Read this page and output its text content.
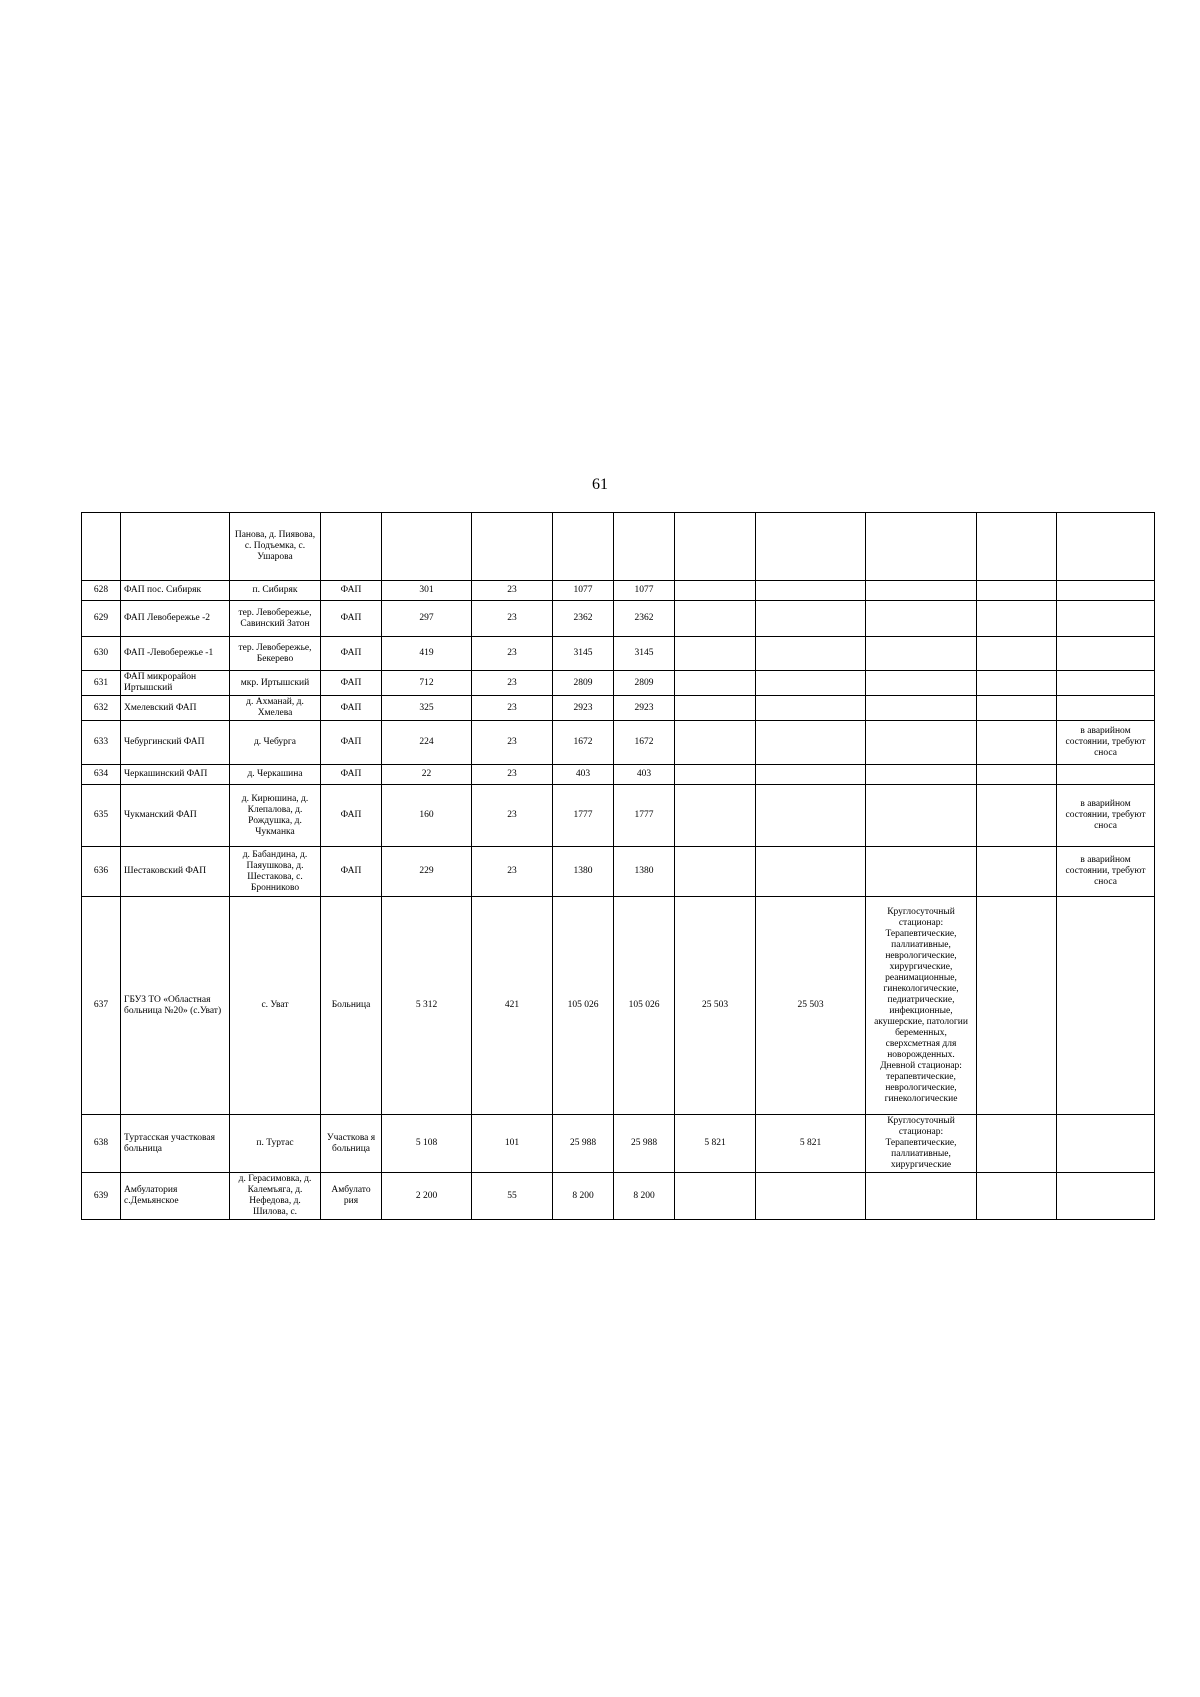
61
		Панова, д. Пиявова, с. Подъемка, с. Ушарова										
628	ФАП пос. Сибиряк	п. Сибиряк	ФАП	301	23	1077	1077					
629	ФАП Левобережье -2	тер. Левобережье, Савинский Затон	ФАП	297	23	2362	2362					
630	ФАП -Левобережье -1	тер. Левобережье, Бекерево	ФАП	419	23	3145	3145					
631	ФАП микрорайон Иртышский	мкр. Иртышский	ФАП	712	23	2809	2809					
632	Хмелевский ФАП	д. Ахманай, д. Хмелева	ФАП	325	23	2923	2923					
633	Чебургинский ФАП	д. Чебурга	ФАП	224	23	1672	1672					в аварийном состоянии, требуют сноса
634	Черкашинский ФАП	д. Черкашина	ФАП	22	23	403	403					
635	Чукманский ФАП	д. Кирюшина, д. Клепалова, д. Рождушка, д. Чукманка	ФАП	160	23	1777	1777					в аварийном состоянии, требуют сноса
636	Шестаковский ФАП	д. Бабандина, д. Паяушкова, д. Шестакова, с. Бронниково	ФАП	229	23	1380	1380					в аварийном состоянии, требуют сноса
637	ГБУЗ ТО «Областная больница №20» (с.Уват)	с. Уват	Больница	5 312	421	105 026	105 026	25 503	25 503	Круглосуточный стационар: Терапевтические, паллиативные, неврологические, хирургические, реанимационные, гинекологические, педиатрические, инфекционные, акушерские, патологии беременных, сверхсметная для новорожденных. Дневной стационар: терапевтические, неврологические, гинекологические		
638	Туртасская участковая больница	п. Туртас	Участкова я больница	5 108	101	25 988	25 988	5 821	5 821	Круглосуточный стационар: Терапевтические, паллиативные, хирургические		
639	Амбулатория с.Демьянское	д. Герасимовка, д. Калемъяга, д. Нефедова, д. Шилова, с.	Амбулато рия	2 200	55	8 200	8 200					
